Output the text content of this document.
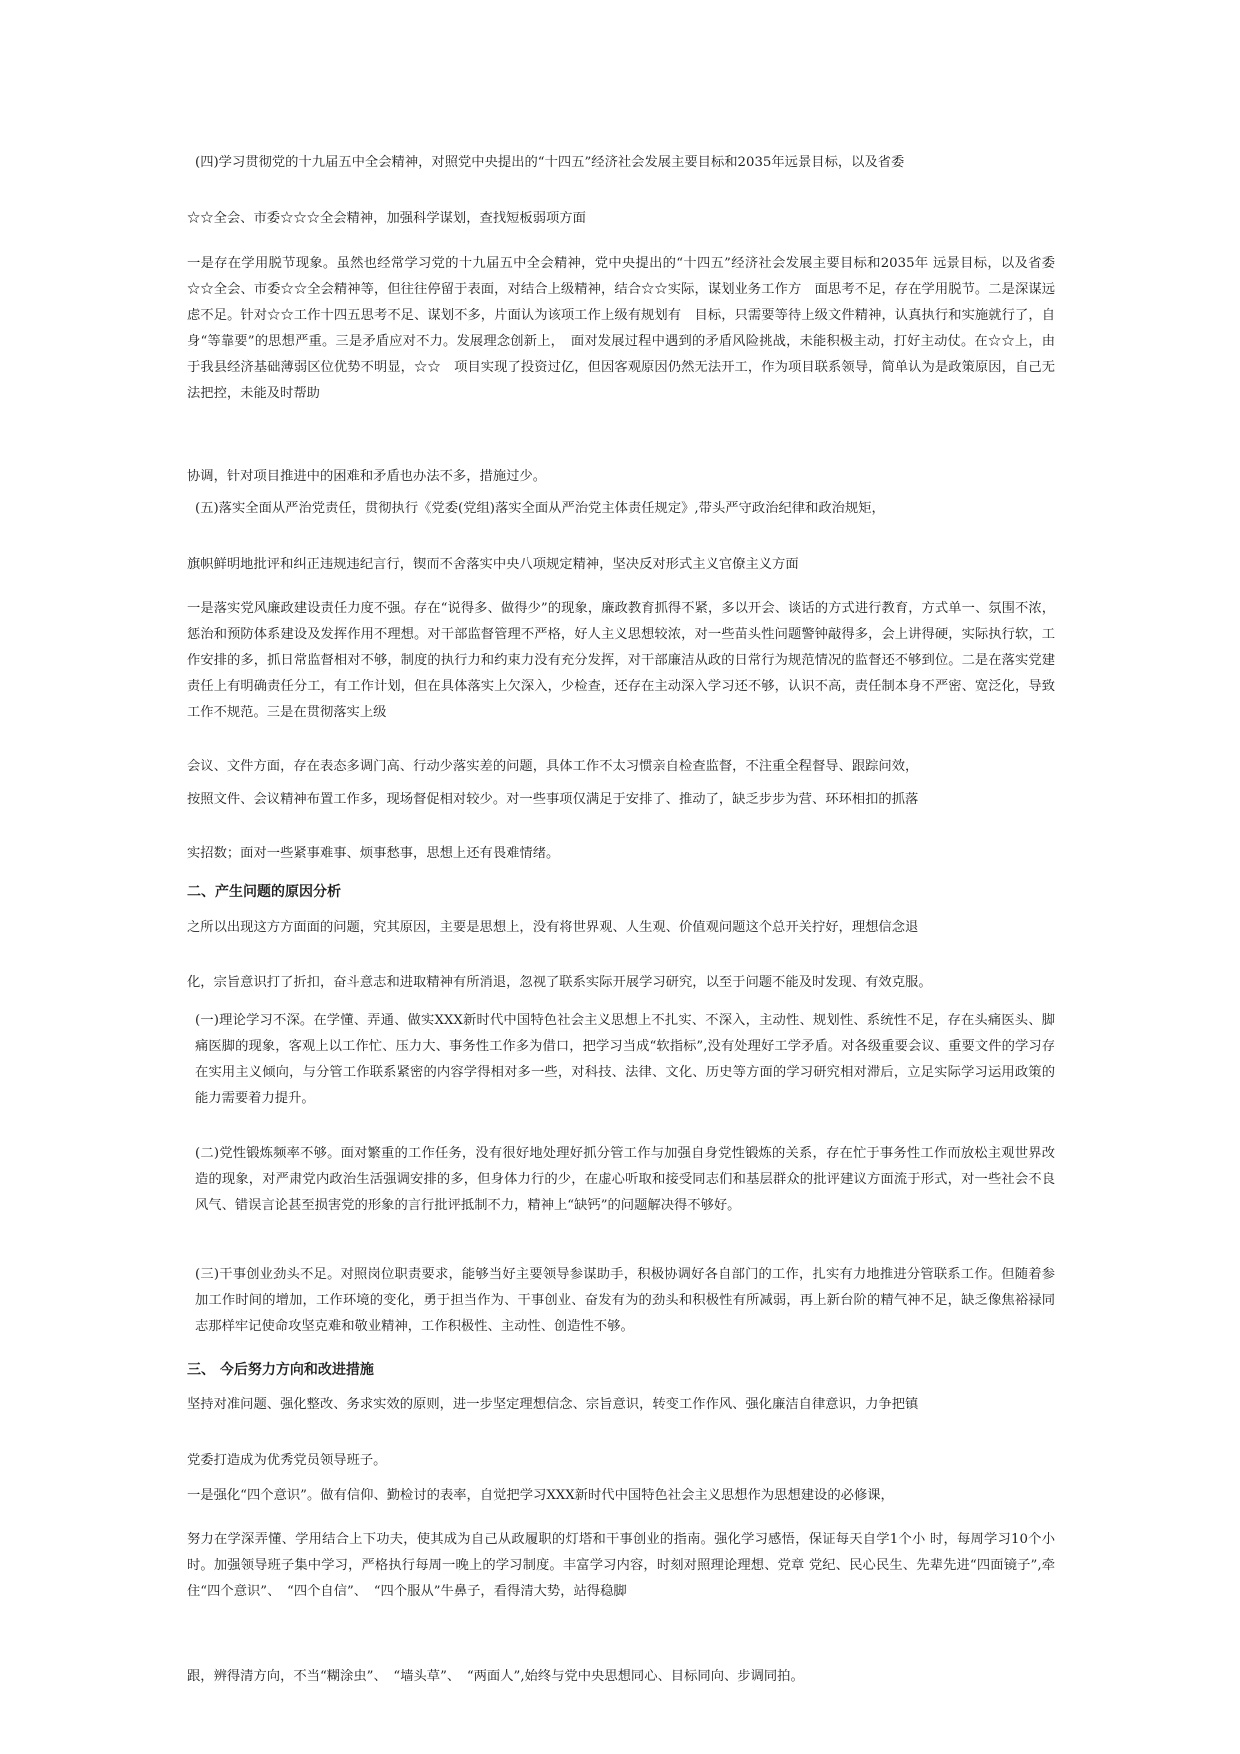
(四)学习贯彻党的十九届五中全会精神，对照党中央提出的“十四五”经济社会发展主要目标和2035年远景目标，以及省委

☆☆全会、市委☆☆☆全会精神，加强科学谋划，查找短板弱项方面

一是存在学用脱节现象。虽然也经常学习党的十九届五中全会精神，党中央提出的“十四五”经济社会发展主要目标和2035年 远景目标，以及省委☆☆全会、市委☆☆全会精神等，但往往停留于表面，对结合上级精神，结合☆☆实际，谋划业务工作方　面思考不足，存在学用脱节。二是深谋远虑不足。针对☆☆工作十四五思考不足、谋划不多，片面认为该项工作上级有规划有　目标，只需要等待上级文件精神，认真执行和实施就行了，自身“等靠要”的思想严重。三是矛盾应对不力。发展理念创新上，　面对发展过程中遇到的矛盾风险挑战，未能积极主动，打好主动仗。在☆☆上，由于我县经济基础薄弱区位优势不明显，☆☆　项目实现了投资过亿，但因客观原因仍然无法开工，作为项目联系领导，简单认为是政策原因，自己无法把控，未能及时帮助

协调，针对项目推进中的困难和矛盾也办法不多，措施过少。

(五)落实全面从严治党责任，贯彻执行《党委(党组)落实全面从严治党主体责任规定》,带头严守政治纪律和政治规矩，

旗帜鲜明地批评和纠正违规违纪言行，锲而不舍落实中央八项规定精神，坚决反对形式主义官僚主义方面

一是落实党风廉政建设责任力度不强。存在“说得多、做得少”的现象，廉政教育抓得不紧，多以开会、谈话的方式进行教育，方式单一、氛围不浓，惩治和预防体系建设及发挥作用不理想。对干部监督管理不严格，好人主义思想较浓，对一些苗头性问题警钟敲得多，会上讲得硬，实际执行软，工作安排的多，抓日常监督相对不够，制度的执行力和约束力没有充分发挥，对干部廉洁从政的日常行为规范情况的监督还不够到位。二是在落实党建责任上有明确责任分工，有工作计划，但在具体落实上欠深入，少检查，还存在主动深入学习还不够，认识不高，责任制本身不严密、宽泛化，导致工作不规范。三是在贯彻落实上级

会议、文件方面，存在表态多调门高、行动少落实差的问题，具体工作不太习惯亲自检查监督，不注重全程督导、跟踪问效，

按照文件、会议精神布置工作多，现场督促相对较少。对一些事项仅满足于安排了、推动了，缺乏步步为营、环环相扣的抓落

实招数；面对一些紧事难事、烦事愁事，思想上还有畏难情绪。

二、产生问题的原因分析

之所以出现这方方面面的问题，究其原因，主要是思想上，没有将世界观、人生观、价值观问题这个总开关拧好，理想信念退

化，宗旨意识打了折扣，奋斗意志和进取精神有所消退，忽视了联系实际开展学习研究，以至于问题不能及时发现、有效克服。

(一)理论学习不深。在学懂、弄通、做实XXX新时代中国特色社会主义思想上不扎实、不深入，主动性、规划性、系统性不足，存在头痛医头、脚痛医脚的现象，客观上以工作忙、压力大、事务性工作多为借口，把学习当成“软指标”,没有处理好工学矛盾。对各级重要会议、重要文件的学习存在实用主义倾向，与分管工作联系紧密的内容学得相对多一些，对科技、法律、文化、历史等方面的学习研究相对滞后，立足实际学习运用政策的能力需要着力提升。

(二)党性锻炼频率不够。面对繁重的工作任务，没有很好地处理好抓分管工作与加强自身党性锻炼的关系，存在忙于事务性工作而放松主观世界改造的现象，对严肃党内政治生活强调安排的多，但身体力行的少，在虚心听取和接受同志们和基层群众的批评建议方面流于形式，对一些社会不良风气、错误言论甚至损害党的形象的言行批评抵制不力，精神上“缺钙”的问题解决得不够好。

(三)干事创业劲头不足。对照岗位职责要求，能够当好主要领导参谋助手，积极协调好各自部门的工作，扎实有力地推进分管联系工作。但随着参加工作时间的增加，工作环境的变化，勇于担当作为、干事创业、奋发有为的劲头和积极性有所减弱，再上新台阶的精气神不足，缺乏像焦裕禄同志那样牢记使命攻坚克难和敬业精神，工作积极性、主动性、创造性不够。

三、 今后努力方向和改进措施

坚持对准问题、强化整改、务求实效的原则，进一步坚定理想信念、宗旨意识，转变工作作风、强化廉洁自律意识，力争把镇

党委打造成为优秀党员领导班子。

一是强化“四个意识”。做有信仰、勤检讨的表率，自觉把学习XXX新时代中国特色社会主义思想作为思想建设的必修课，

努力在学深弄懂、学用结合上下功夫，使其成为自己从政履职的灯塔和干事创业的指南。强化学习感悟，保证每天自学1个小 时，每周学习10个小时。加强领导班子集中学习，严格执行每周一晚上的学习制度。丰富学习内容，时刻对照理论理想、党章 党纪、民心民生、先辈先进“四面镜子”,牵住“四个意识”、　“四个自信”、　“四个服从”牛鼻子，看得清大势，站得稳脚

跟，辨得清方向，不当“糊涂虫”、　“墙头草”、　“两面人”,始终与党中央思想同心、目标同向、步调同拍。
